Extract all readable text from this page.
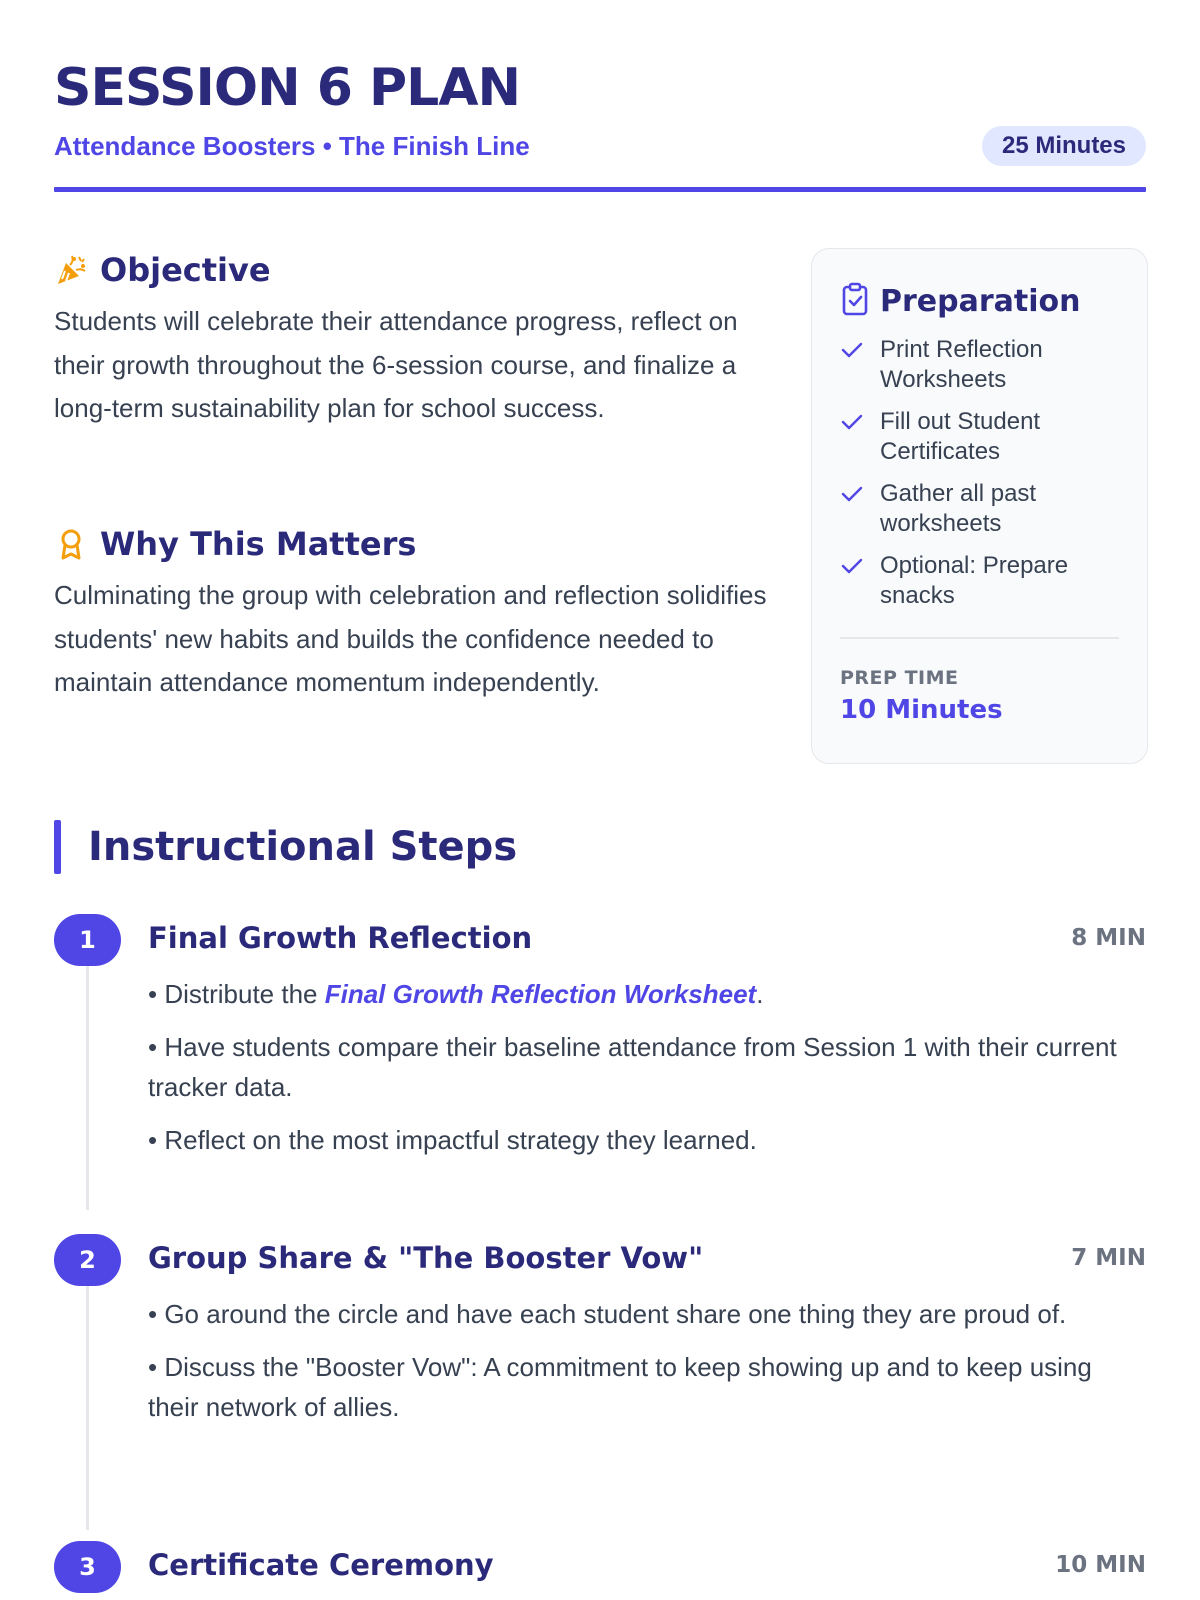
SESSION 6 PLAN
Attendance Boosters • The Finish Line	25 Minutes
Objective

Students will celebrate their attendance progress, reflect on their growth throughout the 6-session course, and finalize a long-term sustainability plan for school success.

Why This Matters

Culminating the group with celebration and reflection solidifies students' new habits and builds the confidence needed to maintain attendance momentum independently.

Preparation
Print Reflection Worksheets
Fill out Student Certificates
Gather all past worksheets
Optional: Prepare snacks
PREP TIME
10 Minutes
Instructional Steps
1	Final Growth Reflection	8 MIN
• Distribute the Final Growth Reflection Worksheet.
• Have students compare their baseline attendance from Session 1 with their current tracker data.
• Reflect on the most impactful strategy they learned.
2	Group Share & "The Booster Vow"	7 MIN
• Go around the circle and have each student share one thing they are proud of.
• Discuss the "Booster Vow": A commitment to keep showing up and to keep using their network of allies.
3	Certificate Ceremony	10 MIN
